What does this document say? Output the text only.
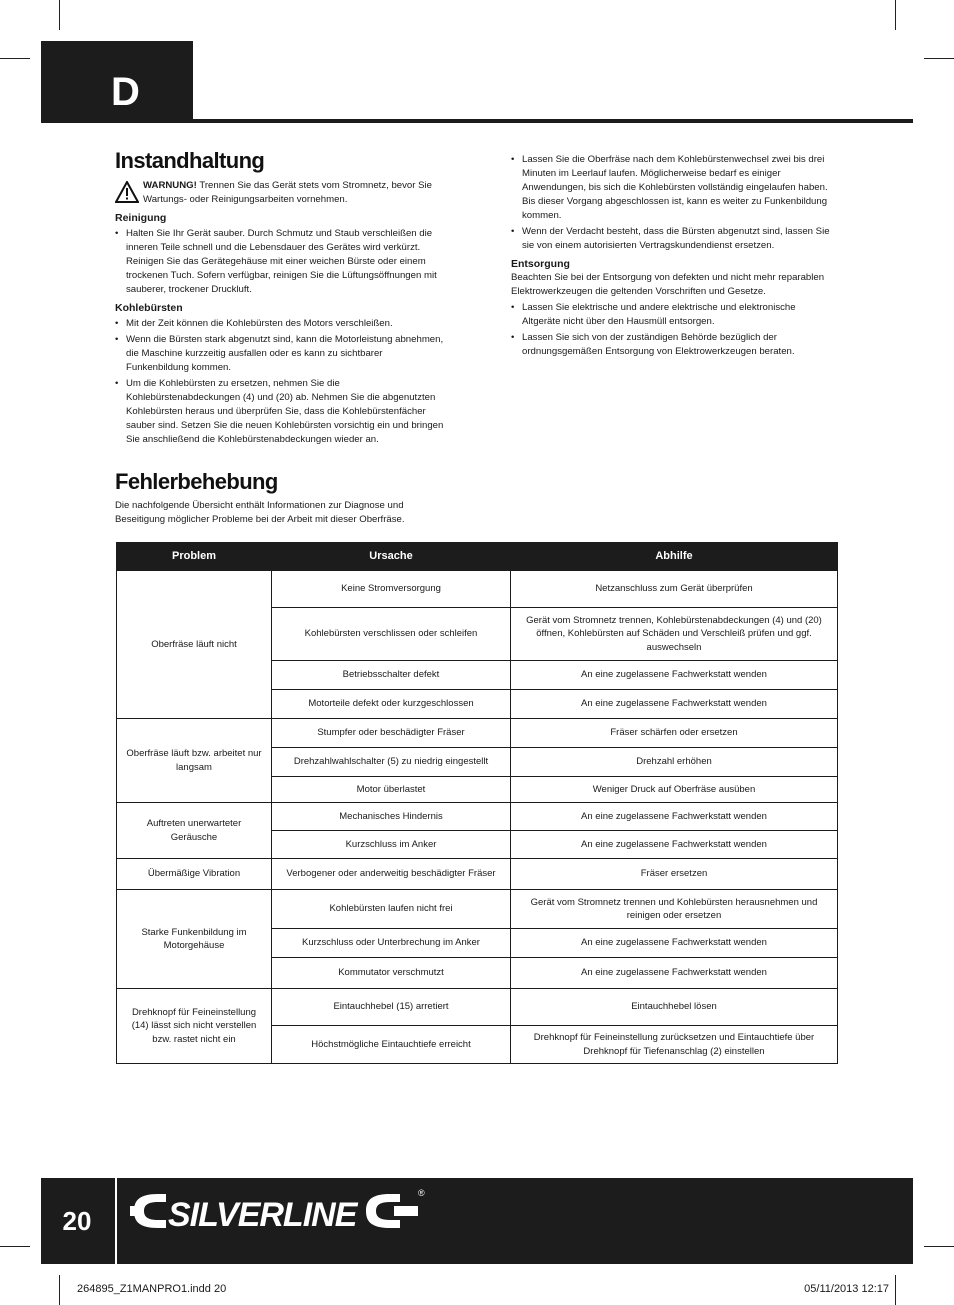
D
Instandhaltung

WARNUNG! Trennen Sie das Gerät stets vom Stromnetz, bevor Sie Wartungs- oder Reinigungsarbeiten vornehmen.

Reinigung

• Halten Sie Ihr Gerät sauber. Durch Schmutz und Staub verschleißen die inneren Teile schnell und die Lebensdauer des Gerätes wird verkürzt. Reinigen Sie das Gerätegehäuse mit einer weichen Bürste oder einem trockenen Tuch. Sofern verfügbar, reinigen Sie die Lüftungsöffnungen mit sauberer, trockener Druckluft.

Kohlebürsten

• Mit der Zeit können die Kohlebürsten des Motors verschleißen.
• Wenn die Bürsten stark abgenutzt sind, kann die Motorleistung abnehmen, die Maschine kurzzeitig ausfallen oder es kann zu sichtbarer Funkenbildung kommen.
• Um die Kohlebürsten zu ersetzen, nehmen Sie die Kohlebürstenabdeckungen (4) und (20) ab. Nehmen Sie die abgenutzten Kohlebürsten heraus und überprüfen Sie, dass die Kohlebürstenfächer sauber sind. Setzen Sie die neuen Kohlebürsten vorsichtig ein und bringen Sie anschließend die Kohlebürstenabdeckungen wieder an.
• Lassen Sie die Oberfräse nach dem Kohlebürstenwechsel zwei bis drei Minuten im Leerlauf laufen. Möglicherweise bedarf es einiger Anwendungen, bis sich die Kohlebürsten vollständig eingelaufen haben. Bis dieser Vorgang abgeschlossen ist, kann es weiter zu Funkenbildung kommen.
• Wenn der Verdacht besteht, dass die Bürsten abgenutzt sind, lassen Sie sie von einem autorisierten Vertragskundendienst ersetzen.

Entsorgung

Beachten Sie bei der Entsorgung von defekten und nicht mehr reparablen Elektrowerkzeugen die geltenden Vorschriften und Gesetze.

• Lassen Sie elektrische und andere elektrische und elektronische Altgeräte nicht über den Hausmüll entsorgen.
• Lassen Sie sich von der zuständigen Behörde bezüglich der ordnungsgemäßen Entsorgung von Elektrowerkzeugen beraten.
Fehlerbehebung

Die nachfolgende Übersicht enthält Informationen zur Diagnose und Beseitigung möglicher Probleme bei der Arbeit mit dieser Oberfräse.

Problem	Ursache	Abhilfe
Oberfräse läuft nicht	Keine Stromversorgung	Netzanschluss zum Gerät überprüfen
	Kohlebürsten verschlissen oder schleifen	Gerät vom Stromnetz trennen, Kohlebürstenabdeckungen (4) und (20) öffnen, Kohlebürsten auf Schäden und Verschleiß prüfen und ggf. auswechseln
	Betriebsschalter defekt	An eine zugelassene Fachwerkstatt wenden
	Motorteile defekt oder kurzgeschlossen	An eine zugelassene Fachwerkstatt wenden
Oberfräse läuft bzw. arbeitet nur langsam	Stumpfer oder beschädigter Fräser	Fräser schärfen oder ersetzen
	Drehzahlwahlschalter (5) zu niedrig eingestellt	Drehzahl erhöhen
	Motor überlastet	Weniger Druck auf Oberfräse ausüben
Auftreten unerwarteter Geräusche	Mechanisches Hindernis	An eine zugelassene Fachwerkstatt wenden
	Kurzschluss im Anker	An eine zugelassene Fachwerkstatt wenden
Übermäßige Vibration	Verbogener oder anderweitig beschädigter Fräser	Fräser ersetzen
Starke Funkenbildung im Motorgehäuse	Kohlebürsten laufen nicht frei	Gerät vom Stromnetz trennen und Kohlebürsten herausnehmen und reinigen oder ersetzen
	Kurzschluss oder Unterbrechung im Anker	An eine zugelassene Fachwerkstatt wenden
	Kommutator verschmutzt	An eine zugelassene Fachwerkstatt wenden
Drehknopf für Feineinstellung (14) lässt sich nicht verstellen bzw. rastet nicht ein	Eintauchhebel (15) arretiert	Eintauchhebel lösen
	Höchstmögliche Eintauchtiefe erreicht	Drehknopf für Feineinstellung zurücksetzen und Eintauchtiefe über Drehknopf für Tiefenanschlag (2) einstellen
20	SILVERLINE
®
264895_Z1MANPRO1.indd 20	05/11/2013 12:17
